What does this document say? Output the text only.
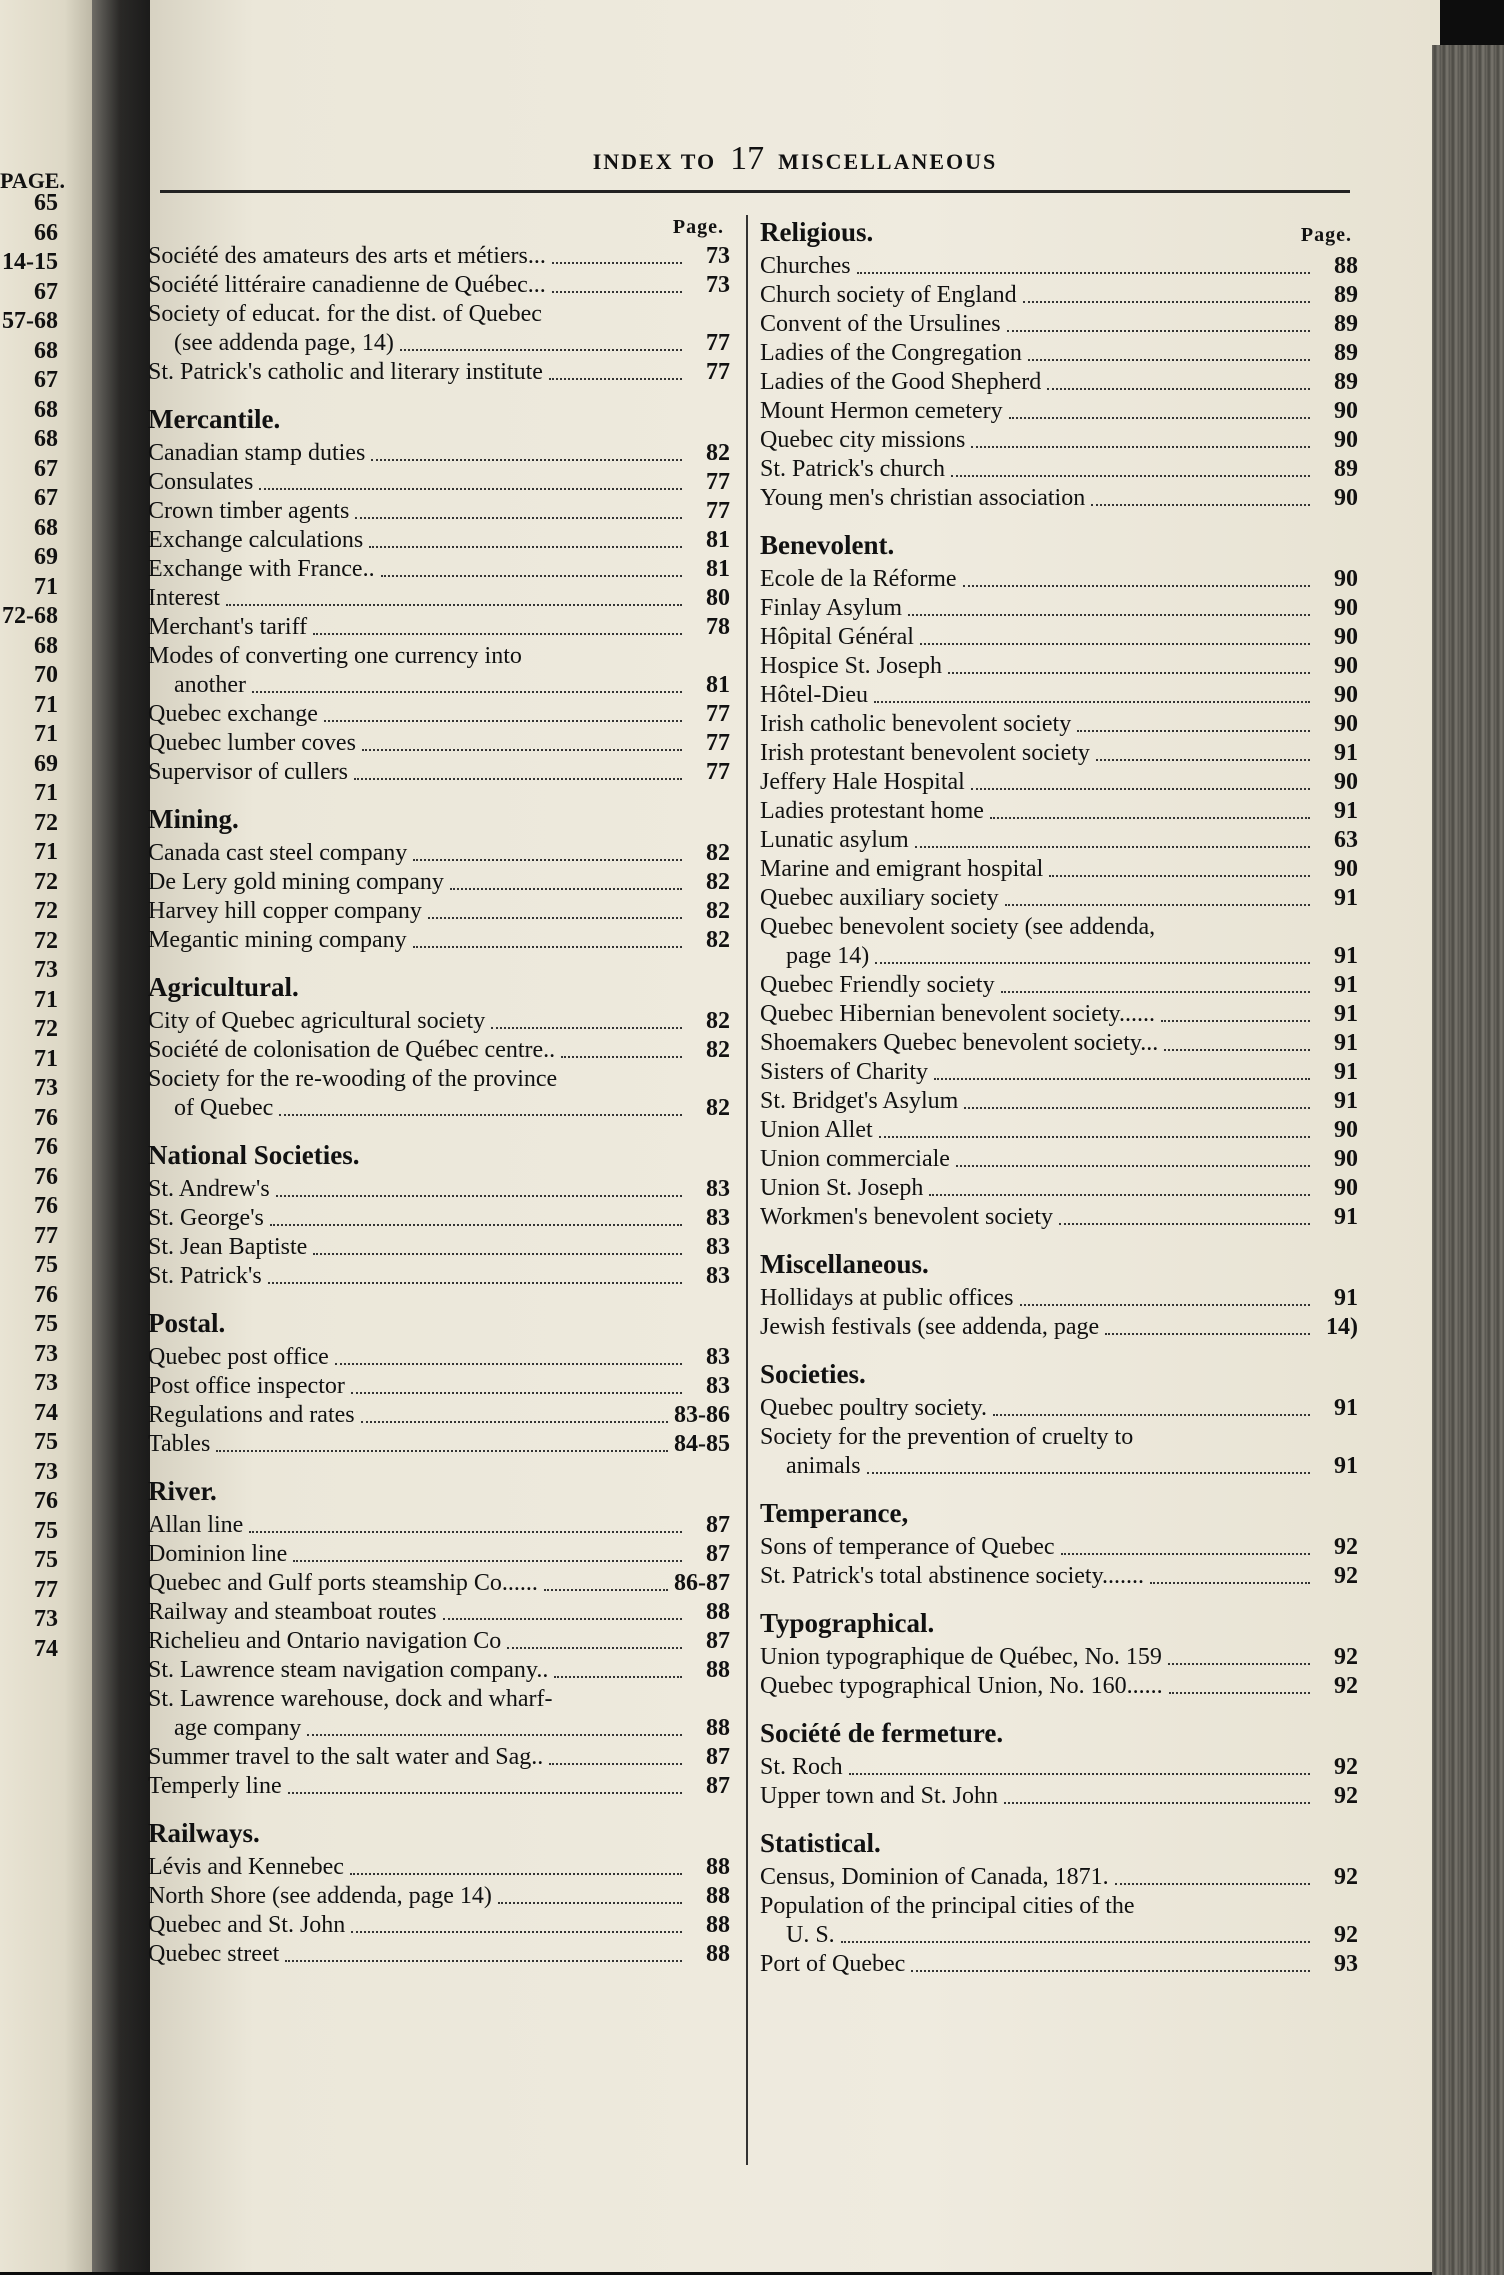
PAGE.
65
66
14-15
67
57-68
68
67
68
68
67
67
68
69
71
72-68
68
70
71
71
69
71
72
71
72
72
72
73
71
72
71
73
76
76
76
76
77
75
76
75
73
73
74
75
73
76
75
75
77
73
74
INDEX TO 17 MISCELLANEOUS
Page.
Société des amateurs des arts et métiers...	73
Société littéraire canadienne de Québec...	73
Society of educat. for the dist. of Quebec
(see addenda page, 14)	77
St. Patrick's catholic and literary institute	77
Mercantile.
Canadian stamp duties	82
Consulates	77
Crown timber agents	77
Exchange calculations	81
Exchange with France..	81
Interest	80
Merchant's tariff	78
Modes of converting one currency into
another	81
Quebec exchange	77
Quebec lumber coves	77
Supervisor of cullers	77
Mining.
Canada cast steel company	82
De Lery gold mining company	82
Harvey hill copper company	82
Megantic mining company	82
Agricultural.
City of Quebec agricultural society	82
Société de colonisation de Québec centre..	82
Society for the re-wooding of the province
of Quebec	82
National Societies.
St. Andrew's	83
St. George's	83
St. Jean Baptiste	83
St. Patrick's	83
Postal.
Quebec post office	83
Post office inspector	83
Regulations and rates	83-86
Tables	84-85
River.
Allan line	87
Dominion line	87
Quebec and Gulf ports steamship Co......	86-87
Railway and steamboat routes	88
Richelieu and Ontario navigation Co	87
St. Lawrence steam navigation company..	88
St. Lawrence warehouse, dock and wharf-
age company	88
Summer travel to the salt water and Sag..	87
Temperly line	87
Railways.
Lévis and Kennebec	88
North Shore (see addenda, page 14)	88
Quebec and St. John	88
Quebec street	88
Religious.	Page.
Churches	88
Church society of England	89
Convent of the Ursulines	89
Ladies of the Congregation	89
Ladies of the Good Shepherd	89
Mount Hermon cemetery	90
Quebec city missions	90
St. Patrick's church	89
Young men's christian association	90
Benevolent.
Ecole de la Réforme	90
Finlay Asylum	90
Hôpital Général	90
Hospice St. Joseph	90
Hôtel-Dieu	90
Irish catholic benevolent society	90
Irish protestant benevolent society	91
Jeffery Hale Hospital	90
Ladies protestant home	91
Lunatic asylum	63
Marine and emigrant hospital	90
Quebec auxiliary society	91
Quebec benevolent society (see addenda,
page 14)	91
Quebec Friendly society	91
Quebec Hibernian benevolent society......	91
Shoemakers Quebec benevolent society...	91
Sisters of Charity	91
St. Bridget's Asylum	91
Union Allet	90
Union commerciale	90
Union St. Joseph	90
Workmen's benevolent society	91
Miscellaneous.
Hollidays at public offices	91
Jewish festivals (see addenda, page	14)
Societies.
Quebec poultry society.	91
Society for the prevention of cruelty to
animals	91
Temperance,
Sons of temperance of Quebec	92
St. Patrick's total abstinence society.......	92
Typographical.
Union typographique de Québec, No. 159	92
Quebec typographical Union, No. 160......	92
Société de fermeture.
St. Roch	92
Upper town and St. John	92
Statistical.
Census, Dominion of Canada, 1871.	92
Population of the principal cities of the
U. S.	92
Port of Quebec	93
